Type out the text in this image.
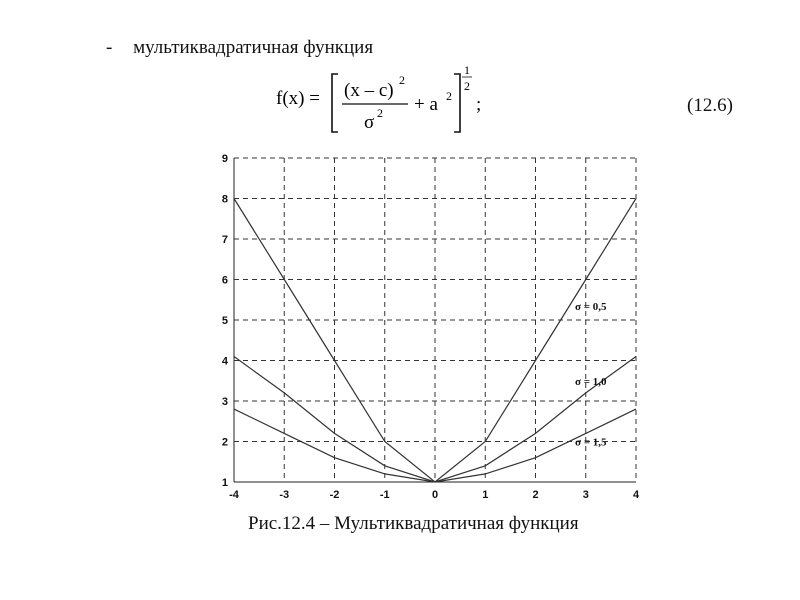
- мультиквадратичная функция
f(x) = (x – c) 2
σ 2 + a 2
1
2
;	(12.6)
-4	-3	-2	-1	0	1	2	3	4
1
2
3
4
5
6
7
8
9
σ = 0,5
σ = 1,0
σ = 1,5
Рис.12.4 – Мультиквадратичная функция
